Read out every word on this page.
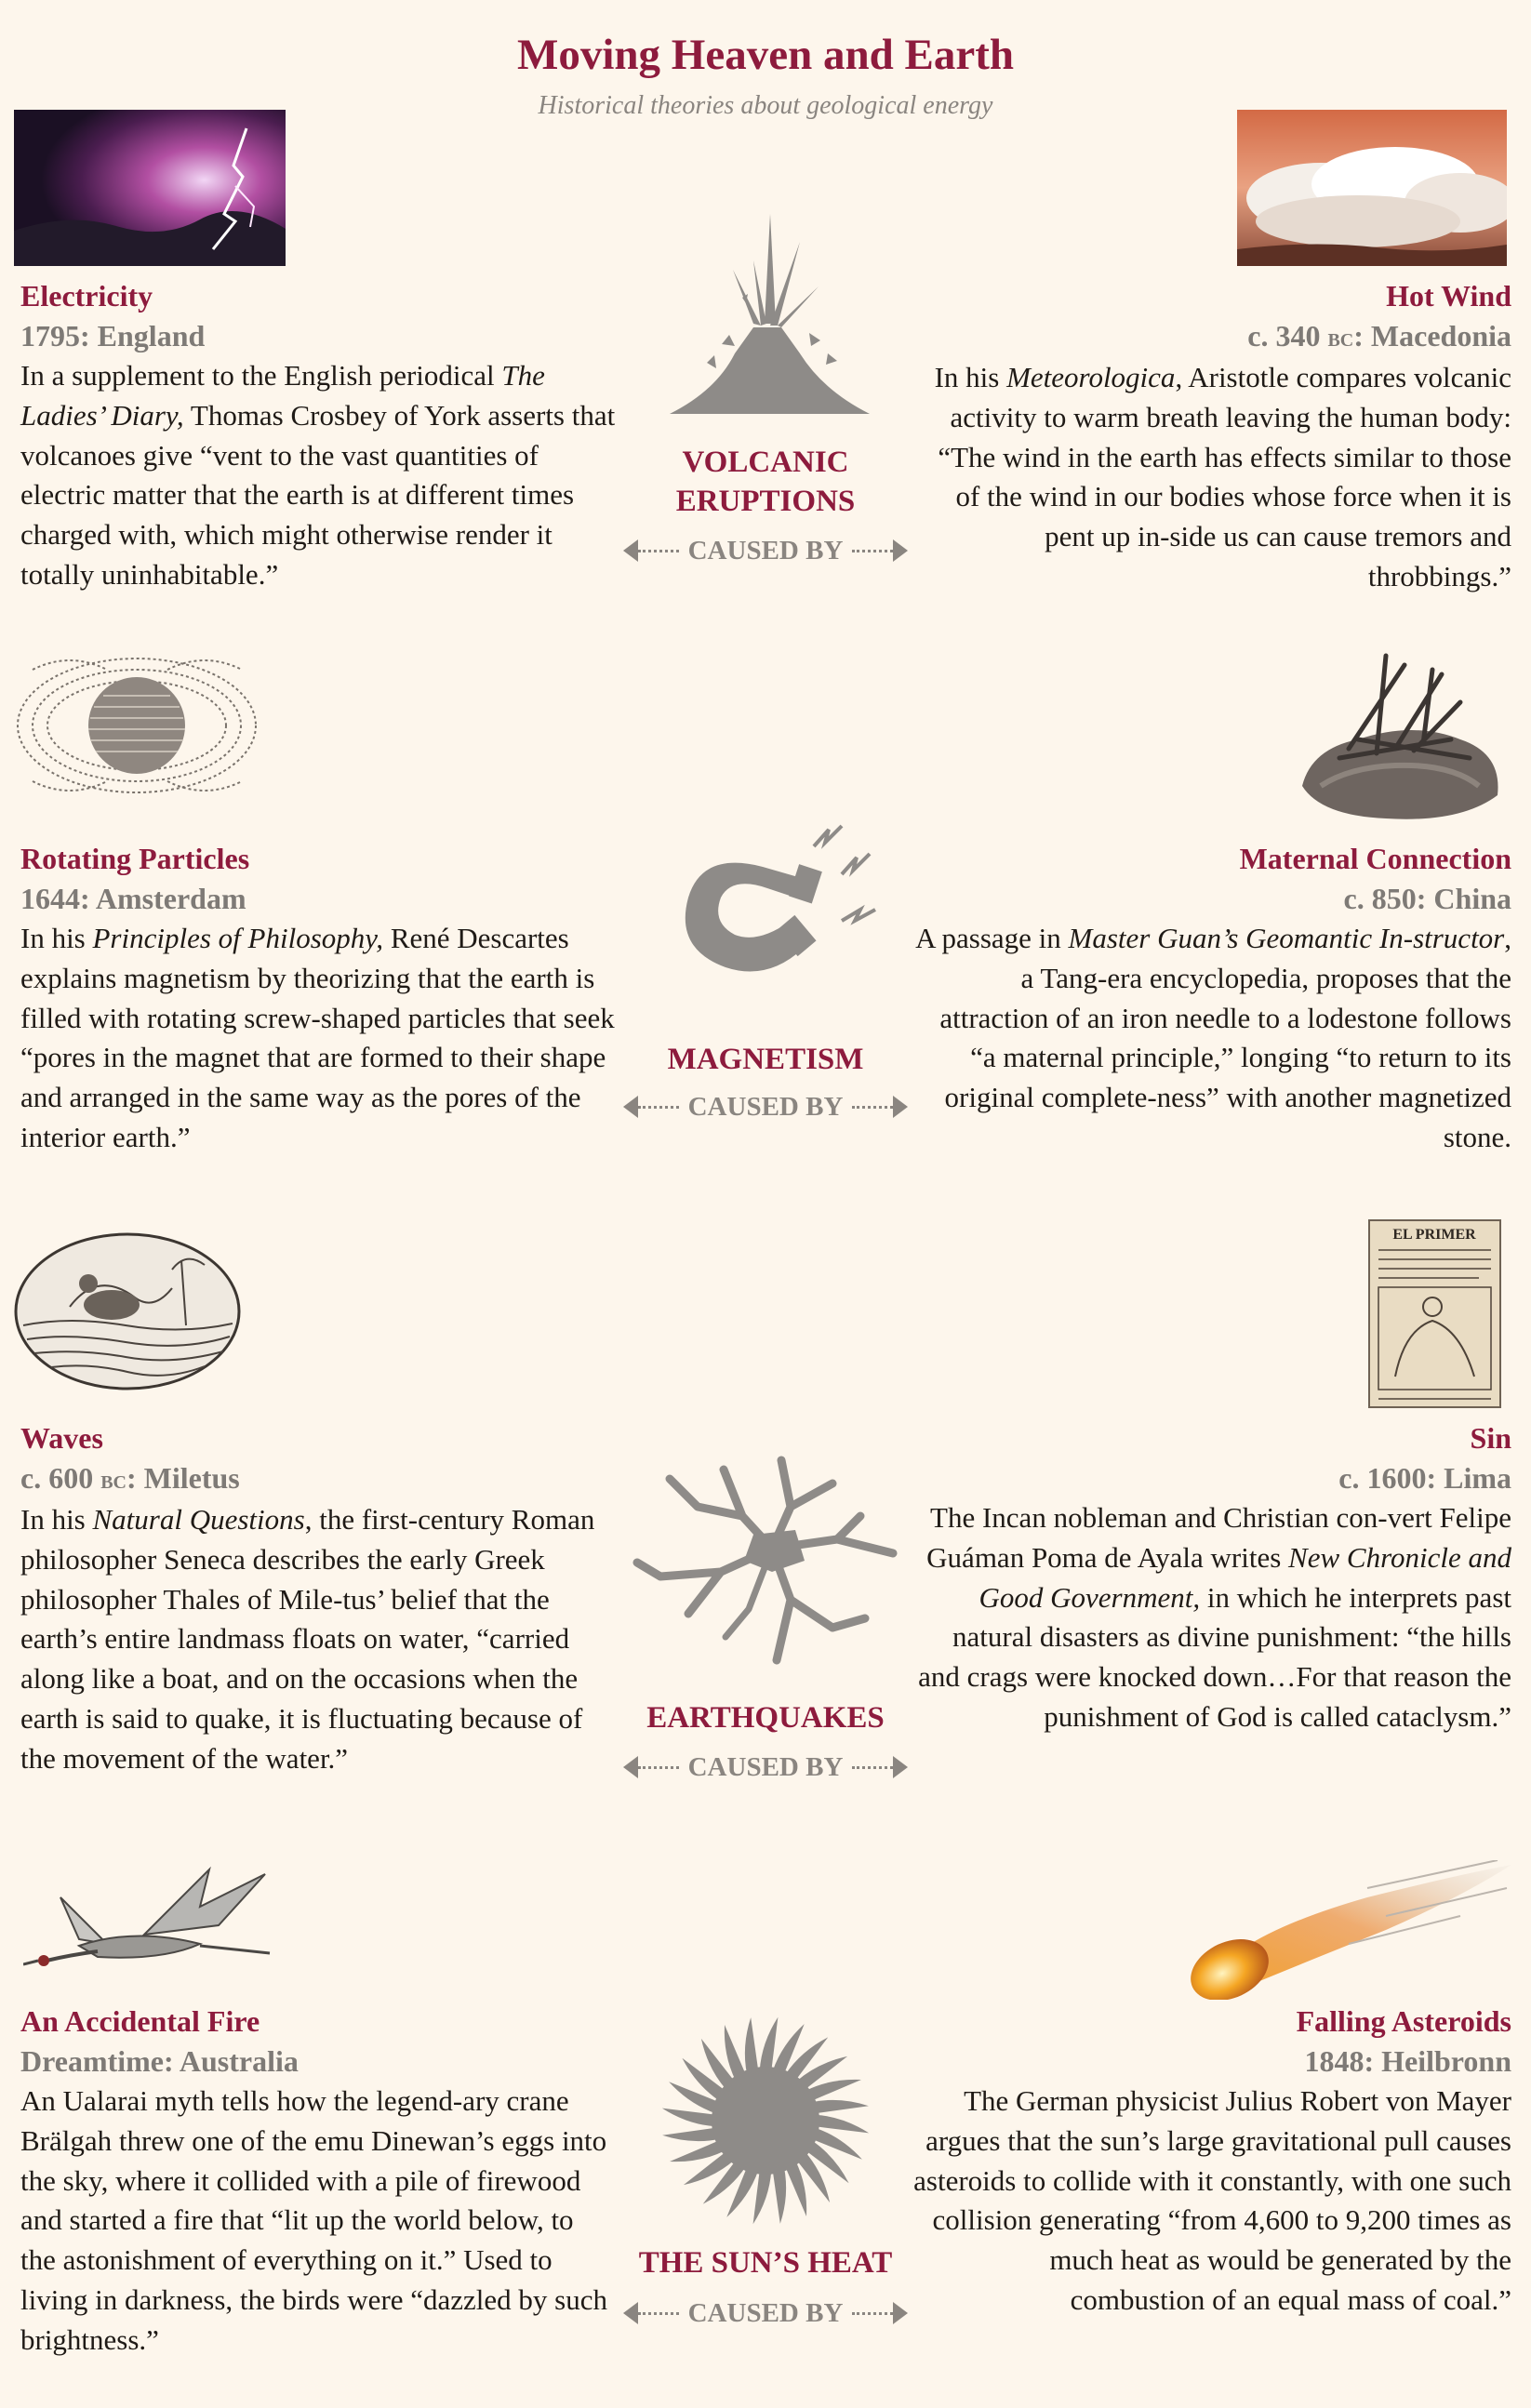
Moving Heaven and Earth
Historical theories about geological energy
Electricity
1795: England
In a supplement to the English periodical The Ladies’ Diary, Thomas Crosbey of York asserts that volcanoes give “vent to the vast quantities of electric matter that the earth is at different times charged with, which might otherwise render it totally uninhabitable.”
Hot Wind
c. 340 bc: Macedonia
In his Meteorologica, Aristotle compares volcanic activity to warm breath leaving the human body: “The wind in the earth has effects similar to those of the wind in our bodies whose force when it is pent up in-side us can cause tremors and throbbings.”
VOLCANIC
ERUPTIONS
CAUSED BY
Rotating Particles
1644: Amsterdam
In his Principles of Philosophy, René Descartes explains magnetism by theorizing that the earth is filled with rotating screw-shaped particles that seek “pores in the magnet that are formed to their shape and arranged in the same way as the pores of the interior earth.”
Maternal Connection
c. 850: China
A passage in Master Guan’s Geomantic In-structor, a Tang-era encyclopedia, proposes that the attraction of an iron needle to a lodestone follows “a maternal principle,” longing “to return to its original complete-ness” with another magnetized stone.
MAGNETISM
CAUSED BY
EL PRIMER
Waves
c. 600 bc: Miletus
In his Natural Questions, the first-century Roman philosopher Seneca describes the early Greek philosopher Thales of Mile-tus’ belief that the earth’s entire landmass floats on water, “carried along like a boat, and on the occasions when the earth is said to quake, it is fluctuating because of the movement of the water.”
Sin
c. 1600: Lima
The Incan nobleman and Christian con-vert Felipe Guáman Poma de Ayala writes New Chronicle and Good Government, in which he interprets past natural disasters as divine punishment: “the hills and crags were knocked down…For that reason the punishment of God is called cataclysm.”
EARTHQUAKES
CAUSED BY
An Accidental Fire
Dreamtime: Australia
An Ualarai myth tells how the legend-ary crane Brälgah threw one of the emu Dinewan’s eggs into the sky, where it collided with a pile of firewood and started a fire that “lit up the world below, to the astonishment of everything on it.” Used to living in darkness, the birds were “dazzled by such brightness.”
Falling Asteroids
1848: Heilbronn
The German physicist Julius Robert von Mayer argues that the sun’s large gravitational pull causes asteroids to collide with it constantly, with one such collision generating “from 4,600 to 9,200 times as much heat as would be generated by the combustion of an equal mass of coal.”
THE SUN’S HEAT
CAUSED BY
